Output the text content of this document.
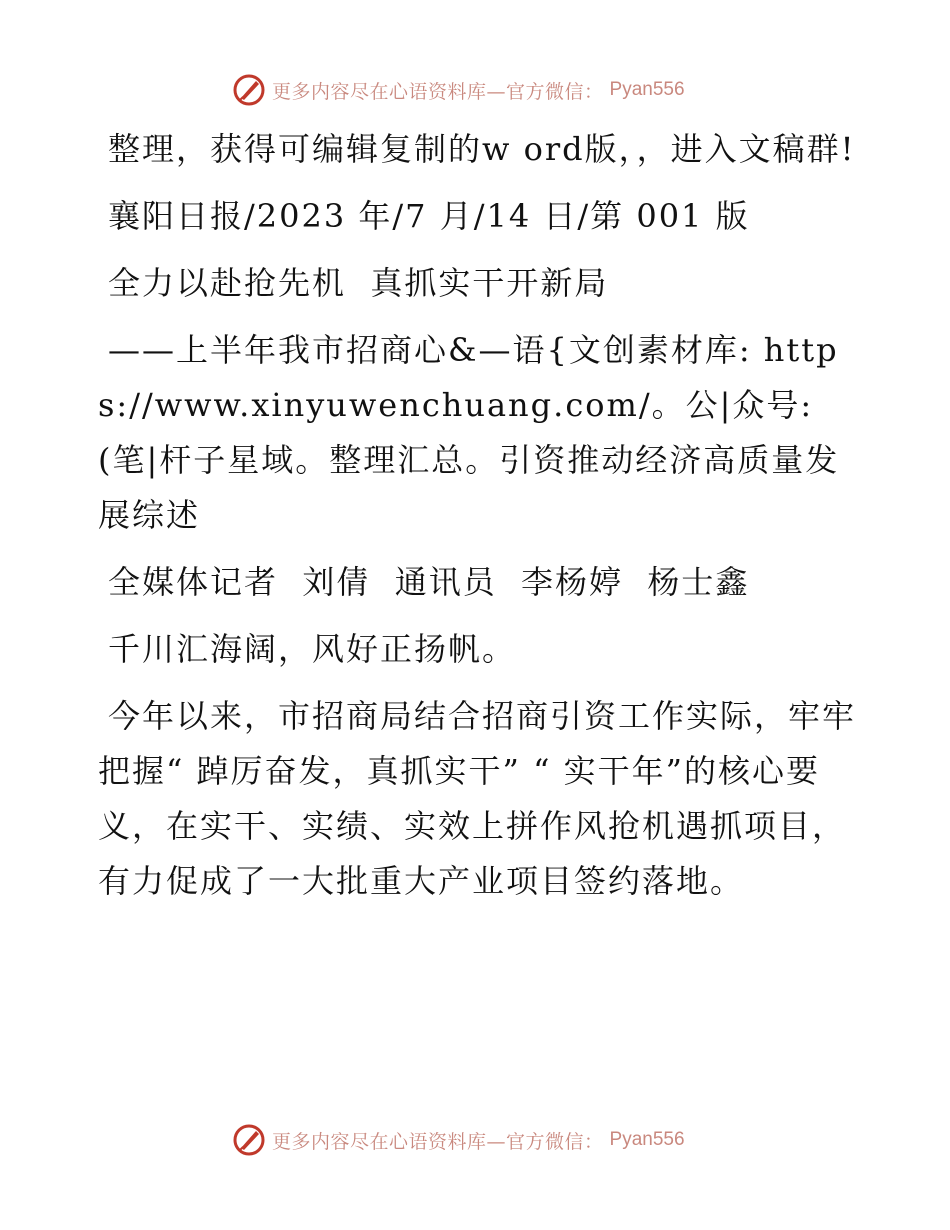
更多内容尽在心语资料库—官方微信： Pyan556

整理，获得可编辑复制的w ord版，，进入文稿群!

襄阳日报/2023 年/7 月/14 日/第 001 版

全力以赴抢先机  真抓实干开新局

——上半年我市招商心&—语{文创素材库: https://www.xinyuwenchuang.com/。公|众号: (笔|杆子星域。整理汇总。引资推动经济高质量发展综述

全媒体记者  刘倩  通讯员  李杨婷  杨士鑫

千川汇海阔，风好正扬帆。

今年以来，市招商局结合招商引资工作实际，牢牢把握“ 踔厉奋发，真抓实干” “ 实干年”的核心要义，在实干、实绩、实效上拼作风抢机遇抓项目，有力促成了一大批重大产业项目签约落地。

更多内容尽在心语资料库—官方微信： Pyan556
